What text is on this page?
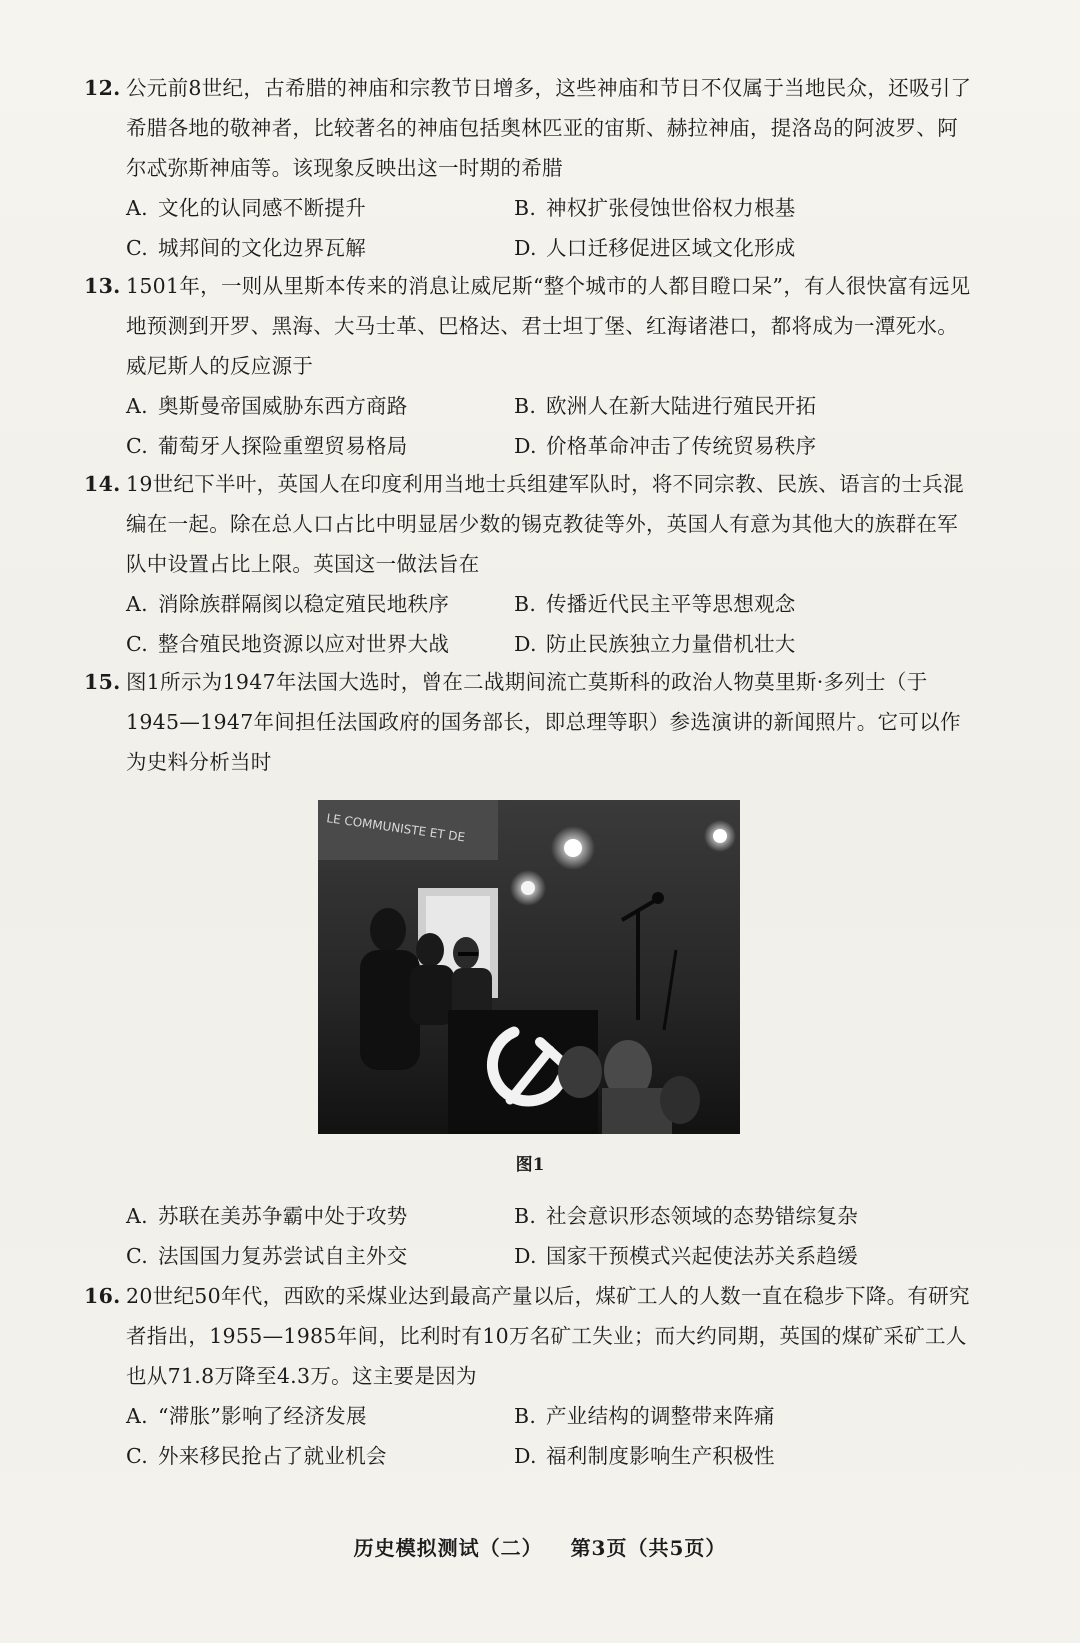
12. 公元前8世纪，古希腊的神庙和宗教节日增多，这些神庙和节日不仅属于当地民众，还吸引了希腊各地的敬神者，比较著名的神庙包括奥林匹亚的宙斯、赫拉神庙，提洛岛的阿波罗、阿尔忒弥斯神庙等。该现象反映出这一时期的希腊
A. 文化的认同感不断提升	B. 神权扩张侵蚀世俗权力根基
C. 城邦间的文化边界瓦解	D. 人口迁移促进区域文化形成
13. 1501年，一则从里斯本传来的消息让威尼斯“整个城市的人都目瞪口呆”，有人很快富有远见地预测到开罗、黑海、大马士革、巴格达、君士坦丁堡、红海诸港口，都将成为一潭死水。威尼斯人的反应源于
A. 奥斯曼帝国威胁东西方商路	B. 欧洲人在新大陆进行殖民开拓
C. 葡萄牙人探险重塑贸易格局	D. 价格革命冲击了传统贸易秩序
14. 19世纪下半叶，英国人在印度利用当地士兵组建军队时，将不同宗教、民族、语言的士兵混编在一起。除在总人口占比中明显居少数的锡克教徒等外，英国人有意为其他大的族群在军队中设置占比上限。英国这一做法旨在
A. 消除族群隔阂以稳定殖民地秩序	B. 传播近代民主平等思想观念
C. 整合殖民地资源以应对世界大战	D. 防止民族独立力量借机壮大
15. 图1所示为1947年法国大选时，曾在二战期间流亡莫斯科的政治人物莫里斯·多列士（于1945—1947年间担任法国政府的国务部长，即总理等职）参选演讲的新闻照片。它可以作为史料分析当时
LE COMMUNISTE ET DE
图1
A. 苏联在美苏争霸中处于攻势	B. 社会意识形态领域的态势错综复杂
C. 法国国力复苏尝试自主外交	D. 国家干预模式兴起使法苏关系趋缓
16. 20世纪50年代，西欧的采煤业达到最高产量以后，煤矿工人的人数一直在稳步下降。有研究者指出，1955—1985年间，比利时有10万名矿工失业；而大约同期，英国的煤矿采矿工人也从71.8万降至4.3万。这主要是因为
A. “滞胀”影响了经济发展	B. 产业结构的调整带来阵痛
C. 外来移民抢占了就业机会	D. 福利制度影响生产积极性
历史模拟测试（二） 第3页（共5页）
